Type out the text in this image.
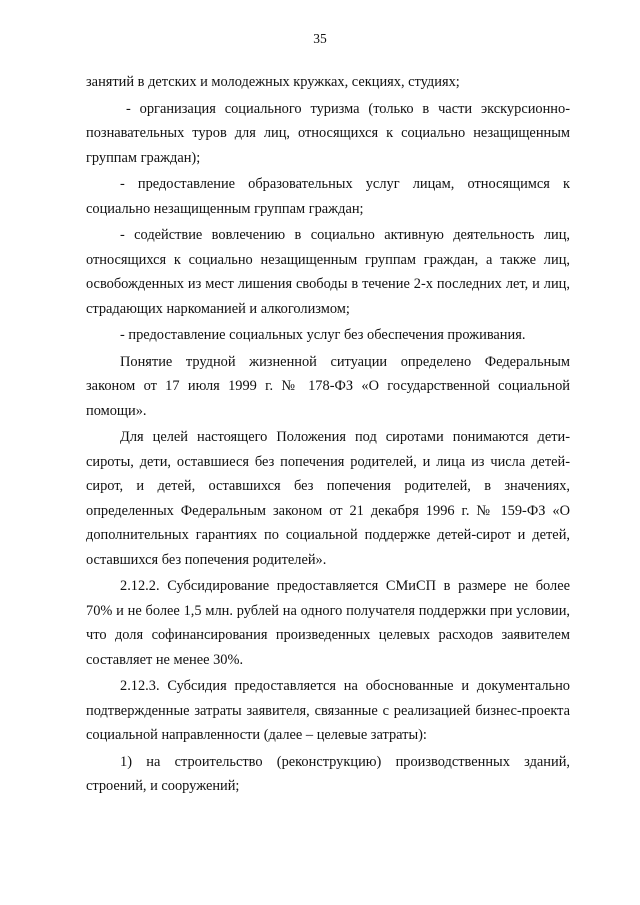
35

занятий в детских и молодежных кружках, секциях, студиях;

- организация социального туризма (только в части экскурсионно-познавательных туров для лиц, относящихся к социально незащищенным группам граждан);

- предоставление образовательных услуг лицам, относящимся к социально незащищенным группам граждан;

- содействие вовлечению в социально активную деятельность лиц, относящихся к социально незащищенным группам граждан, а также лиц, освобожденных из мест лишения свободы в течение 2-х последних лет, и лиц, страдающих наркоманией и алкоголизмом;

- предоставление социальных услуг без обеспечения проживания.

Понятие трудной жизненной ситуации определено Федеральным законом от 17 июля 1999 г. № 178-ФЗ «О государственной социальной помощи».

Для целей настоящего Положения под сиротами понимаются дети-сироты, дети, оставшиеся без попечения родителей, и лица из числа детей-сирот, и детей, оставшихся без попечения родителей, в значениях, определенных Федеральным законом от 21 декабря 1996 г. № 159-ФЗ «О дополнительных гарантиях по социальной поддержке детей-сирот и детей, оставшихся без попечения родителей».

2.12.2. Субсидирование предоставляется СМиСП в размере не более 70% и не более 1,5 млн. рублей на одного получателя поддержки при условии, что доля софинансирования произведенных целевых расходов заявителем составляет не менее 30%.

2.12.3. Субсидия предоставляется на обоснованные и документально подтвержденные затраты заявителя, связанные с реализацией бизнес-проекта социальной направленности (далее – целевые затраты):

1) на строительство (реконструкцию) производственных зданий, строений, и сооружений;
